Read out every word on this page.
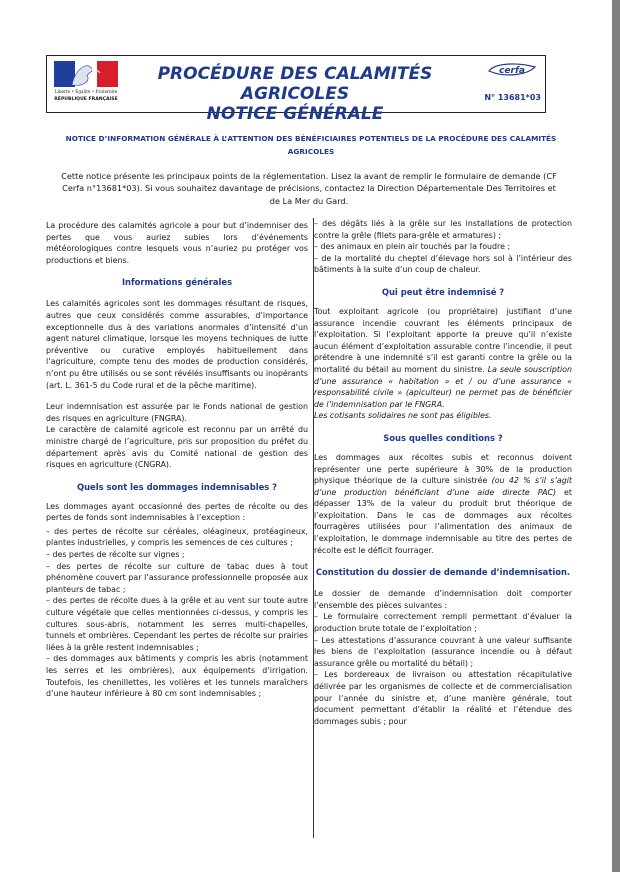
Liberté • Égalité • Fraternité
RÉPUBLIQUE FRANÇAISE
PROCÉDURE DES CALAMITÉS AGRICOLES
NOTICE GÉNÉRALE
cerfa
N° 13681*03
NOTICE D’INFORMATION GÉNÉRALE À L’ATTENTION DES BÉNÉFICIAIRES POTENTIELS DE LA PROCÉDURE DES CALAMITÉS AGRICOLES
Cette notice présente les principaux points de la réglementation. Lisez la avant de remplir le formulaire de demande (CF Cerfa n°13681*03). Si vous souhaitez davantage de précisions, contactez la Direction Départementale Des Territoires et de La Mer du Gard.

La procédure des calamités agricole a pour but d’indemniser des pertes que vous auriez subies lors d’événements météorologiques contre lesquels vous n’auriez pu protéger vos productions et biens.

Informations générales

Les calamités agricoles sont les dommages résultant de risques, autres que ceux considérés comme assurables, d’importance exceptionnelle dus à des variations anormales d’intensité d’un agent naturel climatique, lorsque les moyens techniques de lutte préventive ou curative employés habituellement dans l’agriculture, compte tenu des modes de production considérés, n’ont pu être utilisés ou se sont révélés insuffisants ou inopérants (art. L. 361-5 du Code rural et de la pêche maritime).

Leur indemnisation est assurée par le Fonds national de gestion des risques en agriculture (FNGRA).

Le caractère de calamité agricole est reconnu par un arrêté du ministre chargé de l’agriculture, pris sur proposition du préfet du département après avis du Comité national de gestion des risques en agriculture (CNGRA).

Quels sont les dommages indemnisables ?

Les dommages ayant occasionné des pertes de récolte ou des pertes de fonds sont indemnisables à l’exception :

– des pertes de récolte sur céréales, oléagineux, protéagineux, plantes industrielles, y compris les semences de ces cultures ;

– des pertes de récolte sur vignes ;

– des pertes de récolte sur culture de tabac dues à tout phénomène couvert par l’assurance professionnelle proposée aux planteurs de tabac ;

– des pertes de récolte dues à la grêle et au vent sur toute autre culture végétale que celles mentionnées ci-dessus, y compris les cultures sous-abris, notamment les serres multi-chapelles, tunnels et ombrières. Cependant les pertes de récolte sur prairies liées à la grêle restent indemnisables ;

– des dommages aux bâtiments y compris les abris (notamment les serres et les ombrières), aux équipements d’irrigation. Toutefois, les chenillettes, les volières et les tunnels maraîchers d’une hauteur inférieure à 80 cm sont indemnisables ;

– des dégâts liés à la grêle sur les installations de protection contre la grêle (filets para-grêle et armatures) ;

– des animaux en plein air touchés par la foudre ;

– de la mortalité du cheptel d’élevage hors sol à l’intérieur des bâtiments à la suite d’un coup de chaleur.

Qui peut être indemnisé ?

Tout exploitant agricole (ou propriétaire) justifiant d’une assurance incendie couvrant les éléments principaux de l’exploitation. Si l’exploitant apporte la preuve qu’il n’existe aucun élément d’exploitation assurable contre l’incendie, il peut prétendre à une indemnité s’il est garanti contre la grêle ou la mortalité du bétail au moment du sinistre. La seule souscription d’une assurance « habitation » et / ou d’une assurance « responsabilité civile » (apiculteur) ne permet pas de bénéficier de l’indemnisation par le FNGRA.

Les cotisants solidaires ne sont pas éligibles.

Sous quelles conditions ?

Les dommages aux récoltes subis et reconnus doivent représenter une perte supérieure à 30% de la production physique théorique de la culture sinistrée (ou 42 % s’il s’agit d’une production bénéficiant d’une aide directe PAC) et dépasser 13% de la valeur du produit brut théorique de l’exploitation. Dans le cas de dommages aux récoltes fourragères utilisées pour l’alimentation des animaux de l’exploitation, le dommage indemnisable au titre des pertes de récolte est le déficit fourrager.

Constitution du dossier de demande d’indemnisation.

Le dossier de demande d’indemnisation doit comporter l’ensemble des pièces suivantes :

– Le formulaire correctement rempli permettant d’évaluer la production brute totale de l’exploitation ;

– Les attestations d’assurance couvrant à une valeur suffisante les biens de l’exploitation (assurance incendie ou à défaut assurance grêle ou mortalité du bétail) ;

– Les bordereaux de livraison ou attestation récapitulative délivrée par les organismes de collecte et de commercialisation pour l’année du sinistre et, d’une manière générale, tout document permettant d’établir la réalité et l’étendue des dommages subis ; pour
